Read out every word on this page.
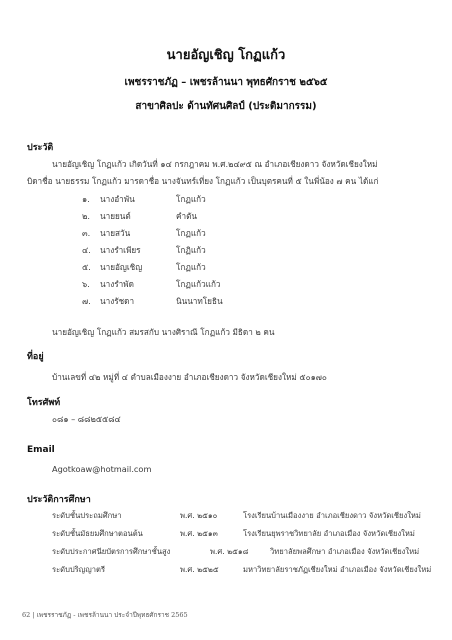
นายอัญเชิญ โกฏแก้ว
เพชรราชภัฏ – เพชรล้านนา พุทธศักราช ๒๕๖๕
สาขาศิลปะ ด้านทัศนศิลป์ (ประติมากรรม)
ประวัติ
นายอัญเชิญ โกฏแก้ว เกิดวันที่ ๑๔ กรกฎาคม พ.ศ.๒๔๙๕ ณ อำเภอเชียงดาว จังหวัดเชียงใหม่
บิดาชื่อ นายธรรม โกฏแก้ว มารดาชื่อ นางจันทร์เที่ยง โกฏแก้ว เป็นบุตรคนที่ ๕ ในพี่น้อง ๗ คน ได้แก่
๑. นางอำพัน	โกฏแก้ว
๒. นายยนต์	คำตัน
๓. นายสวัน	โกฏแก้ว
๔. นางรำเพียร	โกฏิแก้ว
๕. นายอัญเชิญ	โกฏแก้ว
๖. นางรำพัด	โกฏแก้วแก้ว
๗. นางรัชดา	นินนาทโยธิน
นายอัญเชิญ โกฏแก้ว สมรสกับ นางศิราณี โกฏแก้ว มีธิดา ๒ คน
ที่อยู่
บ้านเลขที่ ๔๒ หมู่ที่ ๔ ตำบลเมืองงาย อำเภอเชียงดาว จังหวัดเชียงใหม่ ๕๐๑๗๐
โทรศัพท์
๐๘๑ – ๘๘๒๕๕๘๔
Email
Agotkoaw@hotmail.com
ประวัติการศึกษา
ระดับชั้นประถมศึกษา	พ.ศ. ๒๕๑๐	โรงเรียนบ้านเมืองงาย อำเภอเชียงดาว จังหวัดเชียงใหม่
ระดับชั้นมัธยมศึกษาตอนต้น	พ.ศ. ๒๕๑๓	โรงเรียนยุพราชวิทยาลัย อำเภอเมือง จังหวัดเชียงใหม่
ระดับประกาศนียบัตรการศึกษาชั้นสูง	พ.ศ. ๒๕๑๘	วิทยาลัยพลศึกษา อำเภอเมือง จังหวัดเชียงใหม่
ระดับปริญญาตรี	พ.ศ. ๒๕๒๕	มหาวิทยาลัยราชภัฏเชียงใหม่ อำเภอเมือง จังหวัดเชียงใหม่
62 | เพชรราชภัฏ - เพชรล้านนา ประจำปีพุทธศักราช 2565
